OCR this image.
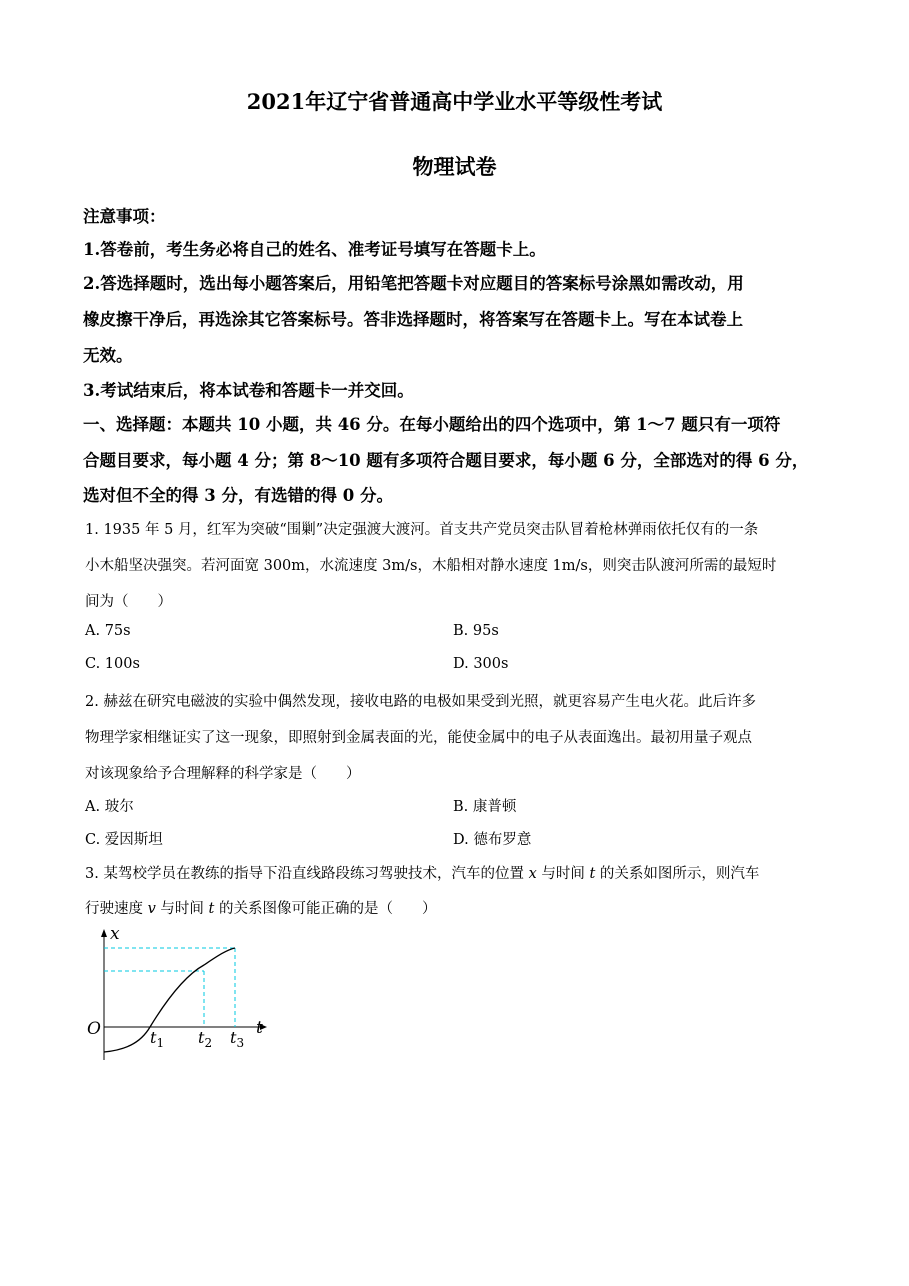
2021年辽宁省普通高中学业水平等级性考试
物理试卷
注意事项：
1.答卷前，考生务必将自己的姓名、准考证号填写在答题卡上。
2.答选择题时，选出每小题答案后，用铅笔把答题卡对应题目的答案标号涂黑如需改动，用
橡皮擦干净后，再选涂其它答案标号。答非选择题时，将答案写在答题卡上。写在本试卷上
无效。
3.考试结束后，将本试卷和答题卡一并交回。
一、选择题：本题共 10 小题，共 46 分。在每小题给出的四个选项中，第 1～7 题只有一项符
合题目要求，每小题 4 分；第 8～10 题有多项符合题目要求，每小题 6 分，全部选对的得 6 分，
选对但不全的得 3 分，有选错的得 0 分。
1. 1935 年 5 月，红军为突破“围剿”决定强渡大渡河。首支共产党员突击队冒着枪林弹雨依托仅有的一条
小木船坚决强突。若河面宽 300m，水流速度 3m/s，木船相对静水速度 1m/s，则突击队渡河所需的最短时
间为（　　）
A. 75s	B. 95s
C. 100s	D. 300s
2. 赫兹在研究电磁波的实验中偶然发现，接收电路的电极如果受到光照，就更容易产生电火花。此后许多
物理学家相继证实了这一现象，即照射到金属表面的光，能使金属中的电子从表面逸出。最初用量子观点
对该现象给予合理解释的科学家是（　　）
A. 玻尔	B. 康普顿
C. 爱因斯坦	D. 德布罗意
3. 某驾校学员在教练的指导下沿直线路段练习驾驶技术，汽车的位置 x 与时间 t 的关系如图所示，则汽车
行驶速度 v 与时间 t 的关系图像可能正确的是（　　）
x
t
O	$t_1$ $t_2$ $t_3$
